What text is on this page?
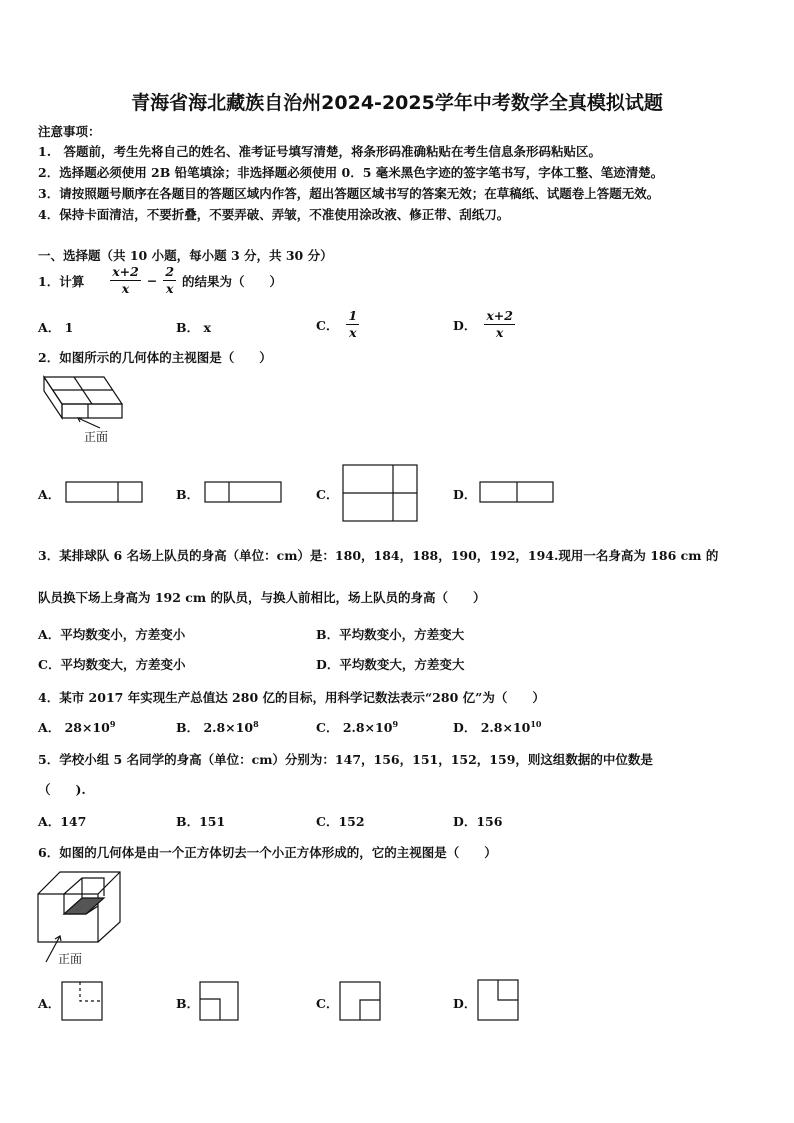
青海省海北藏族自治州2024-2025学年中考数学全真模拟试题
注意事项：
1.　答题前，考生先将自己的姓名、准考证号填写清楚，将条形码准确粘贴在考生信息条形码粘贴区。
2．选择题必须使用 2B 铅笔填涂；非选择题必须使用 0．5 毫米黑色字迹的签字笔书写，字体工整、笔迹清楚。
3．请按照题号顺序在各题目的答题区域内作答，超出答题区域书写的答案无效；在草稿纸、试题卷上答题无效。
4．保持卡面清洁，不要折叠，不要弄破、弄皱，不准使用涂改液、修正带、刮纸刀。
一、选择题（共 10 小题，每小题 3 分，共 30 分）
1．计算 $\frac{x+2}{x} - \frac{2}{x}$ 的结果为（　　）
A． 1	B． x	C． $\frac{1}{x}$	D． $\frac{x+2}{x}$
2．如图所示的几何体的主视图是（　　）
正面
A．	B．	C．	D．
3．某排球队 6 名场上队员的身高（单位：cm）是：180，184，188，190，192，194.现用一名身高为 186 cm 的
队员换下场上身高为 192 cm 的队员，与换人前相比，场上队员的身高（　　）
A．平均数变小，方差变小	B．平均数变小，方差变大
C．平均数变大，方差变小	D．平均数变大，方差变大
4．某市 2017 年实现生产总值达 280 亿的目标，用科学记数法表示“280 亿”为（　　）
A． $28\times 10^9$	B． $2.8\times 10^8$	C． $2.8\times 10^9$	D． $2.8\times 10^{10}$
5．学校小组 5 名同学的身高（单位：cm）分别为：147，156，151，152，159，则这组数据的中位数是
（　　).
A．147	B．151	C．152	D．156
6．如图的几何体是由一个正方体切去一个小正方体形成的，它的主视图是（　　）
正面
A．	B．	C．	D．
